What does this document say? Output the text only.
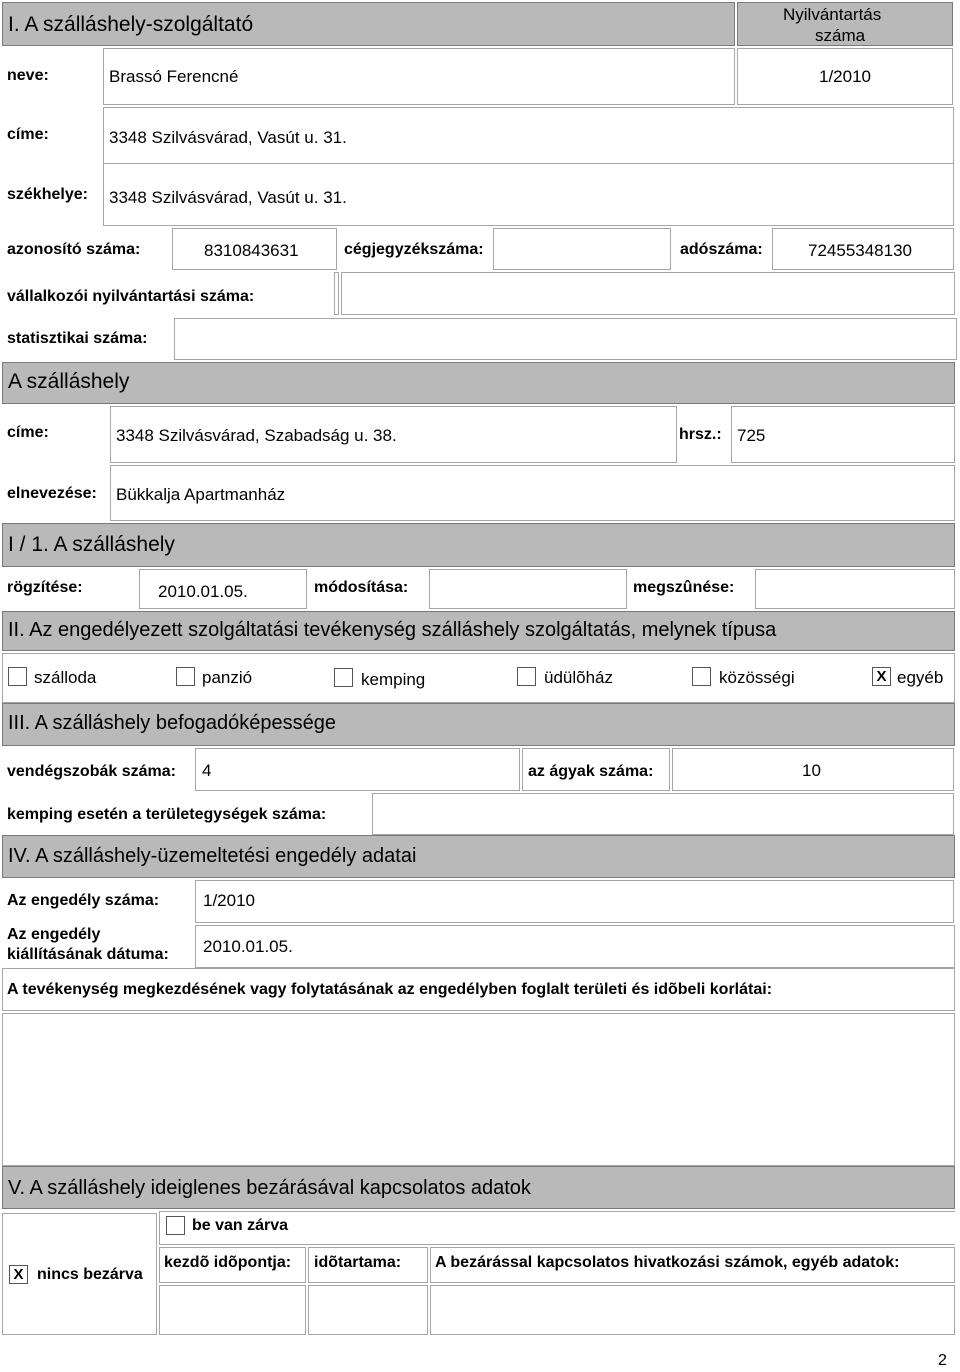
I. A szálláshely-szolgáltató	Nyilvántartás
száma
neve:	Brassó Ferencné	1/2010
címe:	3348 Szilvásvárad, Vasút u. 31.
székhelye: 3348 Szilvásvárad, Vasút u. 31.
azonosító száma:	8310843631	cégjegyzékszáma:	adószáma:	72455348130
vállalkozói nyilvántartási száma:
statisztikai száma:
A szálláshely
címe:	3348 Szilvásvárad, Szabadság u. 38.	hrsz.: 725
elnevezése: Bükkalja Apartmanház
I / 1. A szálláshely
rögzítése:	2010.01.05.	módosítása:	megszûnése:
II. Az engedélyezett szolgáltatási tevékenység szálláshely szolgáltatás, melynek típusa
szálloda	panzió	kemping	üdülõház	közösségi	X egyéb
III. A szálláshely befogadóképessége
vendégszobák száma: 4	az ágyak száma:	10
kemping esetén a területegységek száma:
IV. A szálláshely-üzemeltetési engedély adatai
Az engedély száma:	1/2010
Az engedély
kiállításának dátuma: 2010.01.05.
A tevékenység megkezdésének vagy folytatásának az engedélyben foglalt területi és idõbeli korlátai:
V. A szálláshely ideiglenes bezárásával kapcsolatos adatok
X nincs bezárva
be van zárva
kezdõ idõpontja: idõtartama: A bezárással kapcsolatos hivatkozási számok, egyéb adatok:
2
